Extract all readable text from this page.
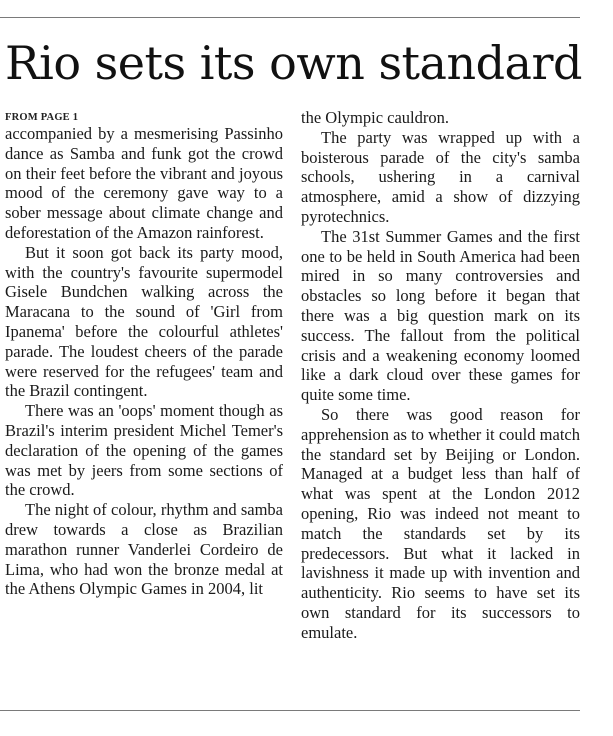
Rio sets its own standard
FROM PAGE 1

accompanied by a mesmerising Passinho dance as Samba and funk got the crowd on their feet before the vibrant and joyous mood of the ceremony gave way to a sober message about climate change and deforestation of the Amazon rainforest.

But it soon got back its party mood, with the country's favourite supermodel Gisele Bundchen walking across the Maracana to the sound of 'Girl from Ipanema' before the colourful athletes' parade. The loudest cheers of the parade were reserved for the refugees' team and the Brazil contingent.

There was an 'oops' moment though as Brazil's interim president Michel Temer's declaration of the opening of the games was met by jeers from some sections of the crowd.

The night of colour, rhythm and samba drew towards a close as Brazilian marathon runner Vanderlei Cordeiro de Lima, who had won the bronze medal at the Athens Olympic Games in 2004, lit

the Olympic cauldron.

The party was wrapped up with a boisterous parade of the city's samba schools, ushering in a carnival atmosphere, amid a show of dizzying pyrotechnics.

The 31st Summer Games and the first one to be held in South America had been mired in so many controversies and obstacles so long before it began that there was a big question mark on its success. The fallout from the political crisis and a weakening economy loomed like a dark cloud over these games for quite some time.

So there was good reason for apprehension as to whether it could match the standard set by Beijing or London. Managed at a budget less than half of what was spent at the London 2012 opening, Rio was indeed not meant to match the standards set by its predecessors. But what it lacked in lavishness it made up with invention and authenticity. Rio seems to have set its own standard for its successors to emulate.
